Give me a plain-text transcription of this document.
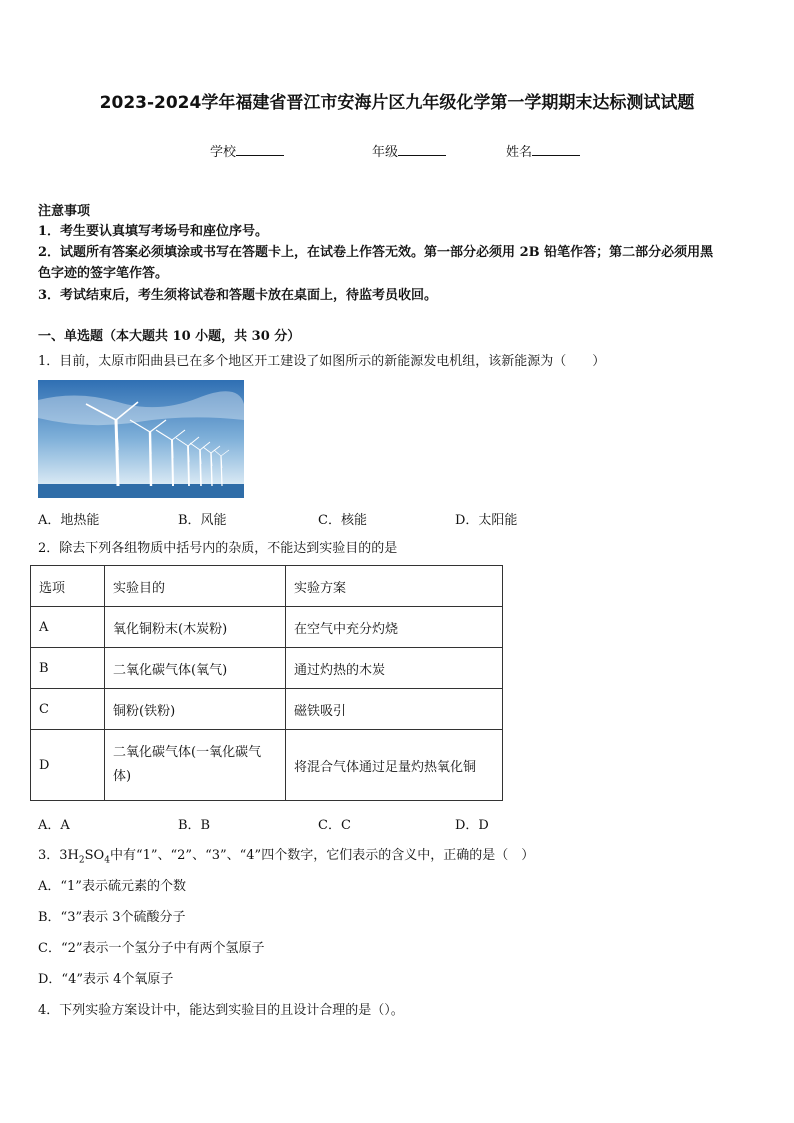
2023-2024学年福建省晋江市安海片区九年级化学第一学期期末达标测试试题
学校	年级	姓名
注意事项
1．考生要认真填写考场号和座位序号。
2．试题所有答案必须填涂或书写在答题卡上，在试卷上作答无效。第一部分必须用 2B 铅笔作答；第二部分必须用黑
色字迹的签字笔作答。
3．考试结束后，考生须将试卷和答题卡放在桌面上，待监考员收回。
一、单选题（本大题共 10 小题，共 30 分）
1．目前，太原市阳曲县已在多个地区开工建设了如图所示的新能源发电机组，该新能源为（　　）
A．地热能	B．风能	C．核能	D．太阳能
2．除去下列各组物质中括号内的杂质，不能达到实验目的的是
选项	实验目的	实验方案
A	氧化铜粉末(木炭粉)	在空气中充分灼烧
B	二氧化碳气体(氧气)	通过灼热的木炭
C	铜粉(铁粉)	磁铁吸引
D	二氧化碳气体(一氧化碳气体)	将混合气体通过足量灼热氧化铜
A．A	B．B	C．C	D．D
3．$3H_2SO_4$中有“1”、“2”、“3”、“4”四个数字，它们表示的含义中，正确的是（　）
A．“1”表示硫元素的个数
B．“3”表示 3个硫酸分子
C．“2”表示一个氢分子中有两个氢原子
D．“4”表示 4个氧原子
4．下列实验方案设计中，能达到实验目的且设计合理的是（）。
